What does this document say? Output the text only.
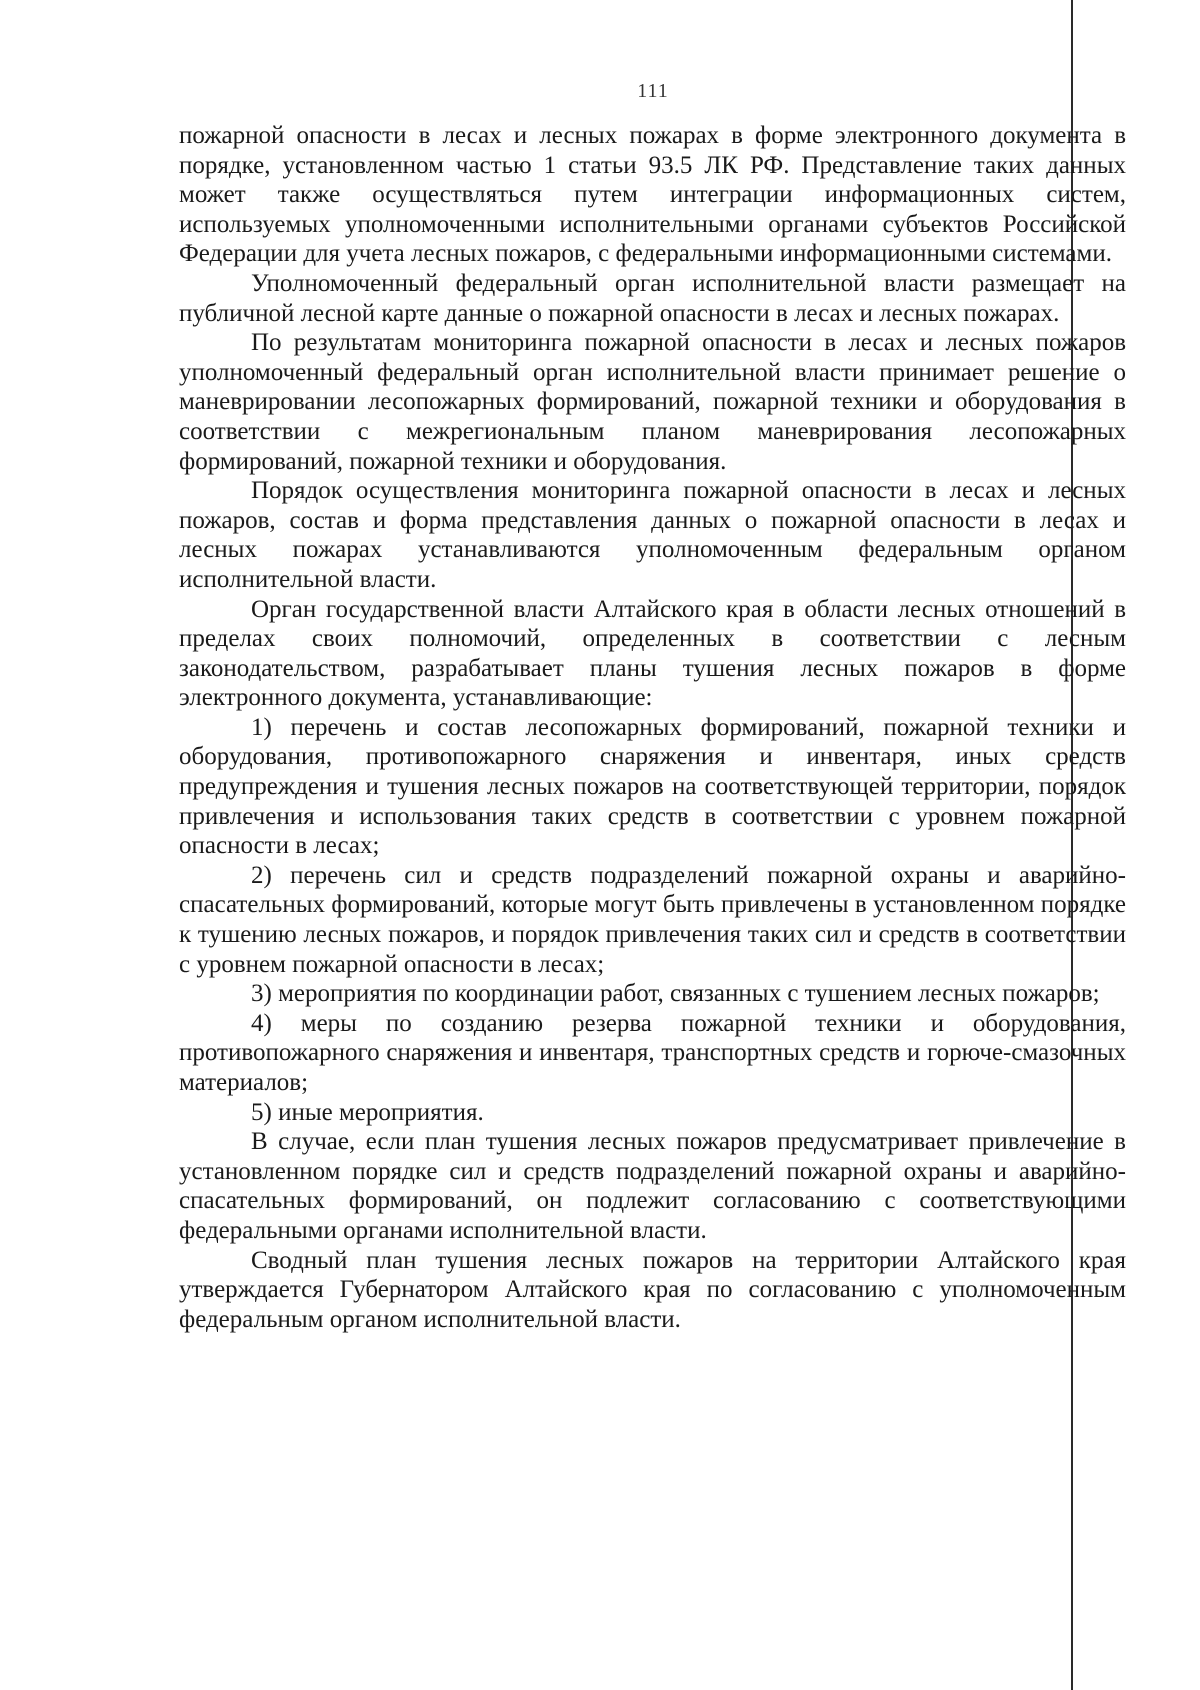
111

пожарной опасности в лесах и лесных пожарах в форме электронного документа в порядке, установленном частью 1 статьи 93.5 ЛК РФ. Представление таких данных может также осуществляться путем интеграции информационных систем, используемых уполномоченными исполнительными органами субъектов Российской Федерации для учета лесных пожаров, с федеральными информационными системами.

Уполномоченный федеральный орган исполнительной власти размещает на публичной лесной карте данные о пожарной опасности в лесах и лесных пожарах.

По результатам мониторинга пожарной опасности в лесах и лесных пожаров уполномоченный федеральный орган исполнительной власти принимает решение о маневрировании лесопожарных формирований, пожарной техники и оборудования в соответствии с межрегиональным планом маневрирования лесопожарных формирований, пожарной техники и оборудования.

Порядок осуществления мониторинга пожарной опасности в лесах и лесных пожаров, состав и форма представления данных о пожарной опасности в лесах и лесных пожарах устанавливаются уполномоченным федеральным органом исполнительной власти.

Орган государственной власти Алтайского края в области лесных отношений в пределах своих полномочий, определенных в соответствии с лесным законодательством, разрабатывает планы тушения лесных пожаров в форме электронного документа, устанавливающие:

1) перечень и состав лесопожарных формирований, пожарной техники и оборудования, противопожарного снаряжения и инвентаря, иных средств предупреждения и тушения лесных пожаров на соответствующей территории, порядок привлечения и использования таких средств в соответствии с уровнем пожарной опасности в лесах;

2) перечень сил и средств подразделений пожарной охраны и аварийно-спасательных формирований, которые могут быть привлечены в установленном порядке к тушению лесных пожаров, и порядок привлечения таких сил и средств в соответствии с уровнем пожарной опасности в лесах;

3) мероприятия по координации работ, связанных с тушением лесных пожаров;

4) меры по созданию резерва пожарной техники и оборудования, противопожарного снаряжения и инвентаря, транспортных средств и горюче-смазочных материалов;

5) иные мероприятия.

В случае, если план тушения лесных пожаров предусматривает привлечение в установленном порядке сил и средств подразделений пожарной охраны и аварийно-спасательных формирований, он подлежит согласованию с соответствующими федеральными органами исполнительной власти.

Сводный план тушения лесных пожаров на территории Алтайского края утверждается Губернатором Алтайского края по согласованию с уполномоченным федеральным органом исполнительной власти.
